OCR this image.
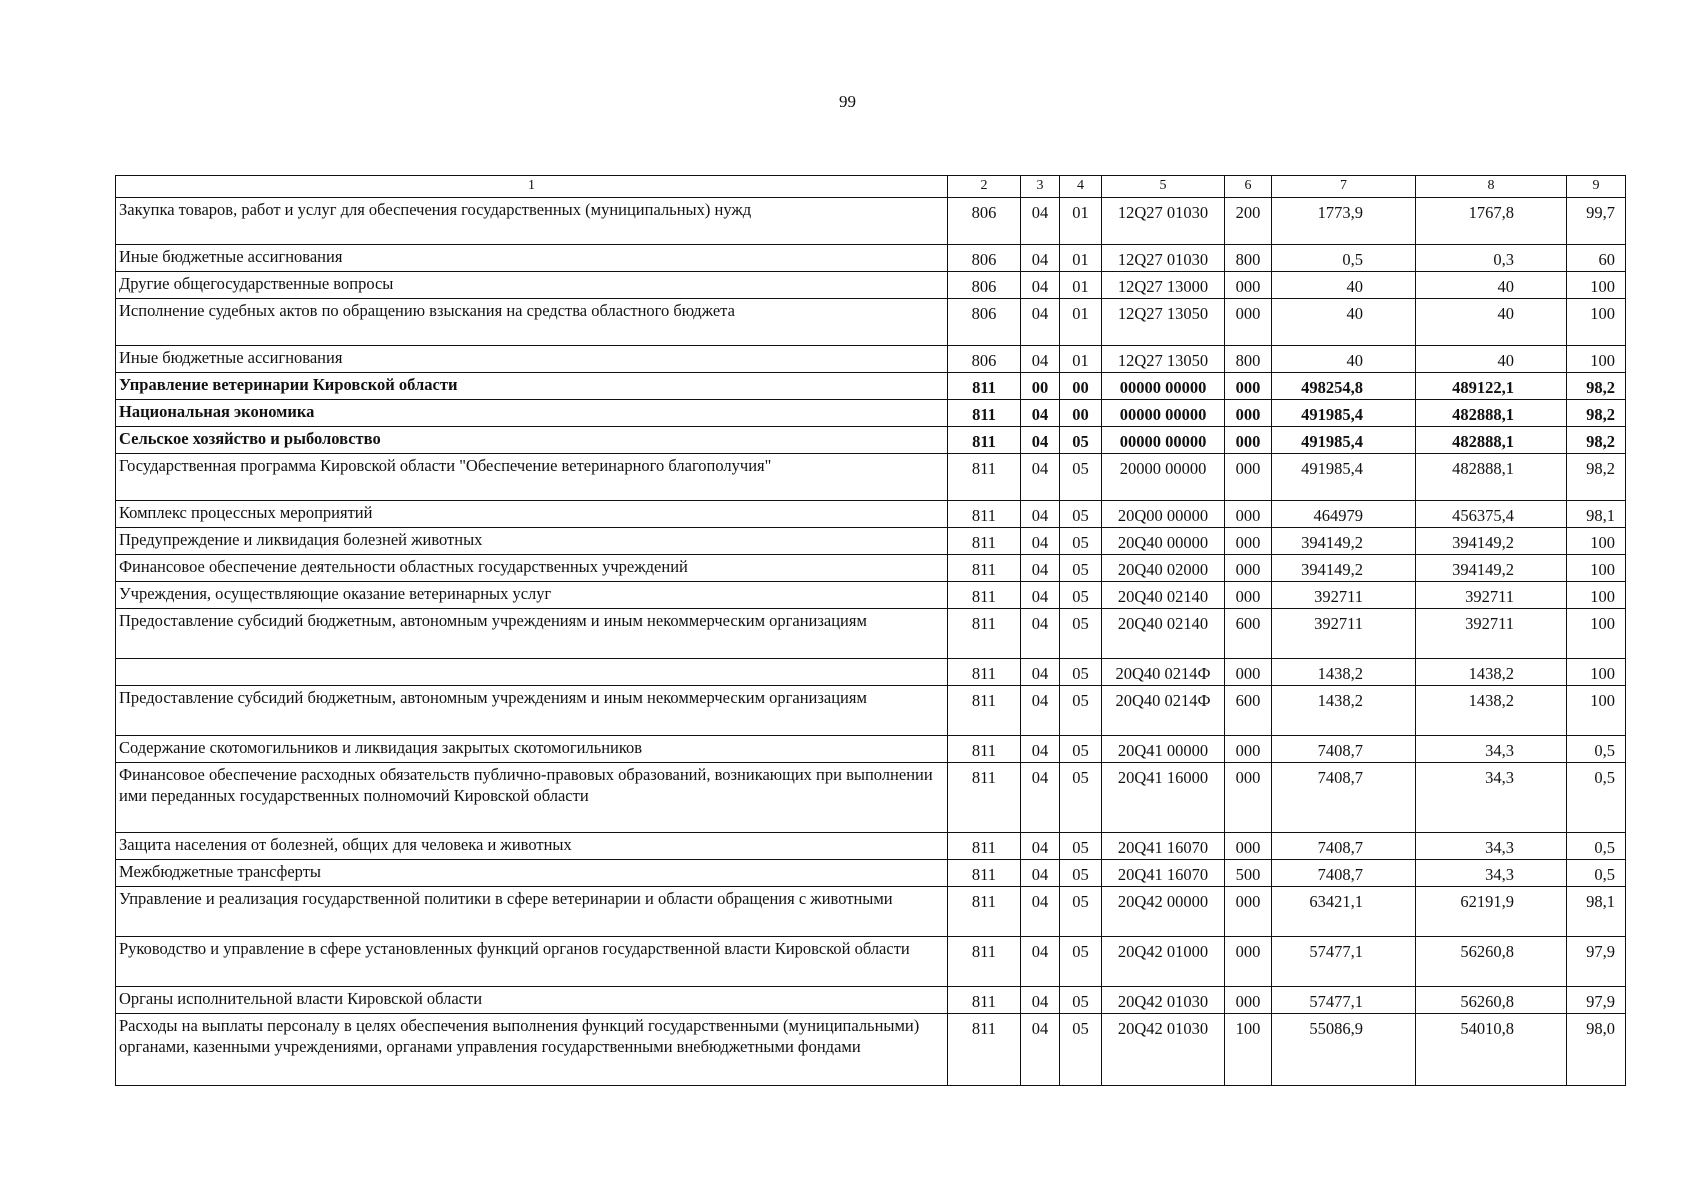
99
1	2	3	4	5	6	7	8	9
Закупка товаров, работ и услуг для обеспечения государственных (муниципальных) нужд	806	04	01	12Q27 01030	200	1773,9	1767,8	99,7
Иные бюджетные ассигнования	806	04	01	12Q27 01030	800	0,5	0,3	60
Другие общегосударственные вопросы	806	04	01	12Q27 13000	000	40	40	100
Исполнение судебных актов по обращению взыскания на средства областного бюджета	806	04	01	12Q27 13050	000	40	40	100
Иные бюджетные ассигнования	806	04	01	12Q27 13050	800	40	40	100
Управление ветеринарии Кировской области	811	00	00	00000 00000	000	498254,8	489122,1	98,2
Национальная экономика	811	04	00	00000 00000	000	491985,4	482888,1	98,2
Сельское хозяйство и рыболовство	811	04	05	00000 00000	000	491985,4	482888,1	98,2
Государственная программа Кировской области "Обеспечение ветеринарного благополучия"	811	04	05	20000 00000	000	491985,4	482888,1	98,2
Комплекс процессных мероприятий	811	04	05	20Q00 00000	000	464979	456375,4	98,1
Предупреждение и ликвидация болезней животных	811	04	05	20Q40 00000	000	394149,2	394149,2	100
Финансовое обеспечение деятельности областных государственных учреждений	811	04	05	20Q40 02000	000	394149,2	394149,2	100
Учреждения, осуществляющие оказание ветеринарных услуг	811	04	05	20Q40 02140	000	392711	392711	100
Предоставление субсидий бюджетным, автономным учреждениям и иным некоммерческим организациям	811	04	05	20Q40 02140	600	392711	392711	100
	811	04	05	20Q40 0214Ф	000	1438,2	1438,2	100
Предоставление субсидий бюджетным, автономным учреждениям и иным некоммерческим организациям	811	04	05	20Q40 0214Ф	600	1438,2	1438,2	100
Содержание скотомогильников и ликвидация закрытых скотомогильников	811	04	05	20Q41 00000	000	7408,7	34,3	0,5
Финансовое обеспечение расходных обязательств публично-правовых образований, возникающих при выполнении ими переданных государственных полномочий Кировской области	811	04	05	20Q41 16000	000	7408,7	34,3	0,5
Защита населения от болезней, общих для человека и животных	811	04	05	20Q41 16070	000	7408,7	34,3	0,5
Межбюджетные трансферты	811	04	05	20Q41 16070	500	7408,7	34,3	0,5
Управление и реализация государственной политики в сфере ветеринарии и области обращения с животными	811	04	05	20Q42 00000	000	63421,1	62191,9	98,1
Руководство и управление в сфере установленных функций органов государственной власти Кировской области	811	04	05	20Q42 01000	000	57477,1	56260,8	97,9
Органы исполнительной власти Кировской области	811	04	05	20Q42 01030	000	57477,1	56260,8	97,9
Расходы на выплаты персоналу в целях обеспечения выполнения функций государственными (муниципальными) органами, казенными учреждениями, органами управления государственными внебюджетными фондами	811	04	05	20Q42 01030	100	55086,9	54010,8	98,0
